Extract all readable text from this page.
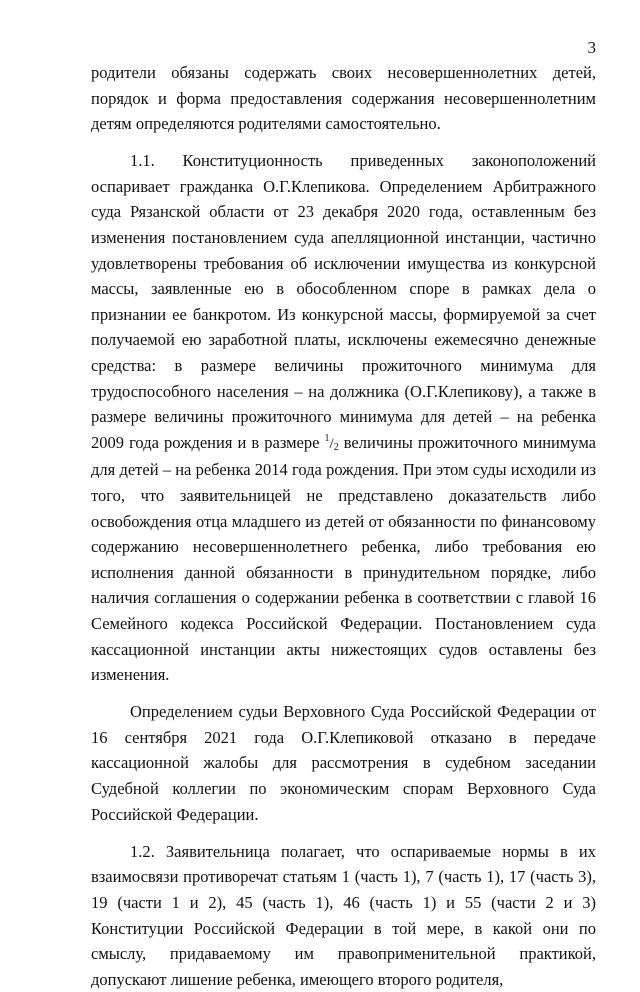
3

родители обязаны содержать своих несовершеннолетних детей, порядок и форма предоставления содержания несовершеннолетним детям определяются родителями самостоятельно.

1.1. Конституционность приведенных законоположений оспаривает гражданка О.Г.Клепикова. Определением Арбитражного суда Рязанской области от 23 декабря 2020 года, оставленным без изменения постановлением суда апелляционной инстанции, частично удовлетворены требования об исключении имущества из конкурсной массы, заявленные ею в обособленном споре в рамках дела о признании ее банкротом. Из конкурсной массы, формируемой за счет получаемой ею заработной платы, исключены ежемесячно денежные средства: в размере величины прожиточного минимума для трудоспособного населения – на должника (О.Г.Клепикову), а также в размере величины прожиточного минимума для детей – на ребенка 2009 года рождения и в размере $^1/_2$ величины прожиточного минимума для детей – на ребенка 2014 года рождения. При этом суды исходили из того, что заявительницей не представлено доказательств либо освобождения отца младшего из детей от обязанности по финансовому содержанию несовершеннолетнего ребенка, либо требования ею исполнения данной обязанности в принудительном порядке, либо наличия соглашения о содержании ребенка в соответствии с главой 16 Семейного кодекса Российской Федерации. Постановлением суда кассационной инстанции акты нижестоящих судов оставлены без изменения.

Определением судьи Верховного Суда Российской Федерации от 16 сентября 2021 года О.Г.Клепиковой отказано в передаче кассационной жалобы для рассмотрения в судебном заседании Судебной коллегии по экономическим спорам Верховного Суда Российской Федерации.

1.2. Заявительница полагает, что оспариваемые нормы в их взаимосвязи противоречат статьям 1 (часть 1), 7 (часть 1), 17 (часть 3), 19 (части 1 и 2), 45 (часть 1), 46 (часть 1) и 55 (части 2 и 3) Конституции Российской Федерации в той мере, в какой они по смыслу, придаваемому им правоприменительной практикой, допускают лишение ребенка, имеющего второго родителя,
